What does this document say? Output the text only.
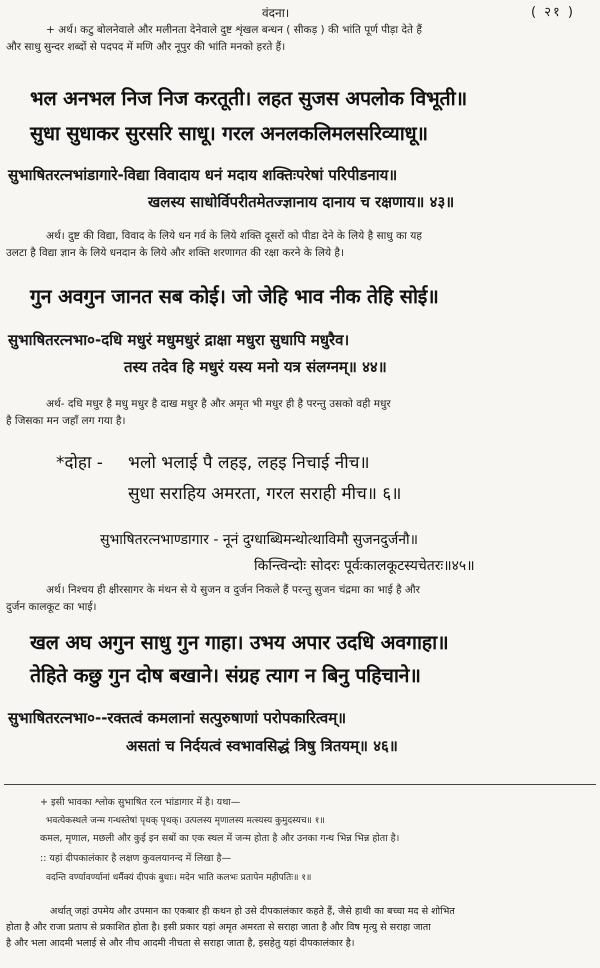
वंदना।	( २१ )

+ अर्थ। कटु बोलनेवाले और मलीनता देनेवाले दुष्ट शृंखल बन्धन ( सीकड़ ) की भांति पूर्ण पीड़ा देते हैं

और साधु सुन्दर शब्दों से पदपद में मणि और नूपुर की भांति मनको हरते हैं।

भल अनभल निज निज करतूती। लहत सुजस अपलोक विभूती॥
सुधा सुधाकर सुरसरि साधू। गरल अनलकलिमलसरिव्याधू॥
सुभाषितरत्नभांडागारे-विद्या विवादाय धनं मदाय शक्तिःपरेषां परिपीडनाय॥
खलस्य साधोर्विपरीतमेतज्ज्ञानाय दानाय च रक्षणाय॥ ४३॥

अर्थ। दुष्ट की विद्या, विवाद के लिये धन गर्व के लिये शक्ति दूसरों को पीडा देने के लिये है साधु का यह

उलटा है विद्या ज्ञान के लिये धनदान के लिये और शक्ति शरणागत की रक्षा करने के लिये है।

गुन अवगुन जानत सब कोई। जो जेहि भाव नीक तेहि सोई॥
सुभाषितरत्नभा०-दधि मधुरं मधुमधुरं द्राक्षा मधुरा सुधापि मधुरैव।
तस्य तदेव हि मधुरं यस्य मनो यत्र संलग्नम्॥ ४४॥

अर्थ- दधि मधुर है मधु मधुर है दाख मधुर है और अमृत भी मधुर ही है परन्तु उसको वही मधुर

है जिसका मन जहाँ लग गया है।

*दोहा - भलो भलाई पै लहइ, लहइ निचाई नीच॥
सुधा सराहिय अमरता, गरल सराही मीच॥ ६॥
सुभाषितरत्नभाण्डागार - नूनं दुग्धाब्धिमन्थोत्थाविमौ सुजनदुर्जनौ॥
किन्त्विन्दोः सोदरः पूर्वःकालकूटस्यचेतरः॥४५॥

अर्थ। निश्चय ही क्षीरसागर के मंथन से ये सुजन व दुर्जन निकले हैं परन्तु सुजन चंद्रमा का भाई है और

दुर्जन कालकूट का भाई।

खल अघ अगुन साधु गुन गाहा। उभय अपार उदधि अवगाहा॥
तेहिते कछु गुन दोष बखाने। संग्रह त्याग न बिनु पहिचाने॥
सुभाषितरत्नभा०--रक्तत्वं कमलानां सत्पुरुषाणां परोपकारित्वम्॥
असतां च निर्दयत्वं स्वभावसिद्धं त्रिषु त्रितयम्॥ ४६॥
+ इसी भावका श्लोक सुभाषित रत्न भांडागार में है। यथा—
भवत्येकस्थले जन्म गन्धस्तेषां पृथक् पृथक्। उत्पलस्य मृणालस्य मत्स्यस्य कुमुदस्यच॥ १॥
कमल, मृणाल, मछली और कुई इन सबों का एक स्थल में जन्म होता है और उनका गन्ध भिन्न भिन्न होता है।
:: यहां दीपकालंकार है लक्षण कुवलयानन्द में लिखा है—
वदन्ति वर्ण्यावर्ण्यानां धर्मैक्यं दीपकं बुधाः। मदेन भाति कलभः प्रतापेन महीपतिः॥ १॥

अर्थात् जहां उपमेय और उपमान का एकबार ही कथन हो उसे दीपकालंकार कहते हैं, जैसे हाथी का बच्चा मद से शोभित

होता है और राजा प्रताप से प्रकाशित होता है। इसी प्रकार यहां अमृत अमरता से सराहा जाता है और विष मृत्यु से सराहा जाता

है और भला आदमी भलाई से और नीच आदमी नीचता से सराहा जाता है, इसहेतु यहां दीपकालंकार है।
